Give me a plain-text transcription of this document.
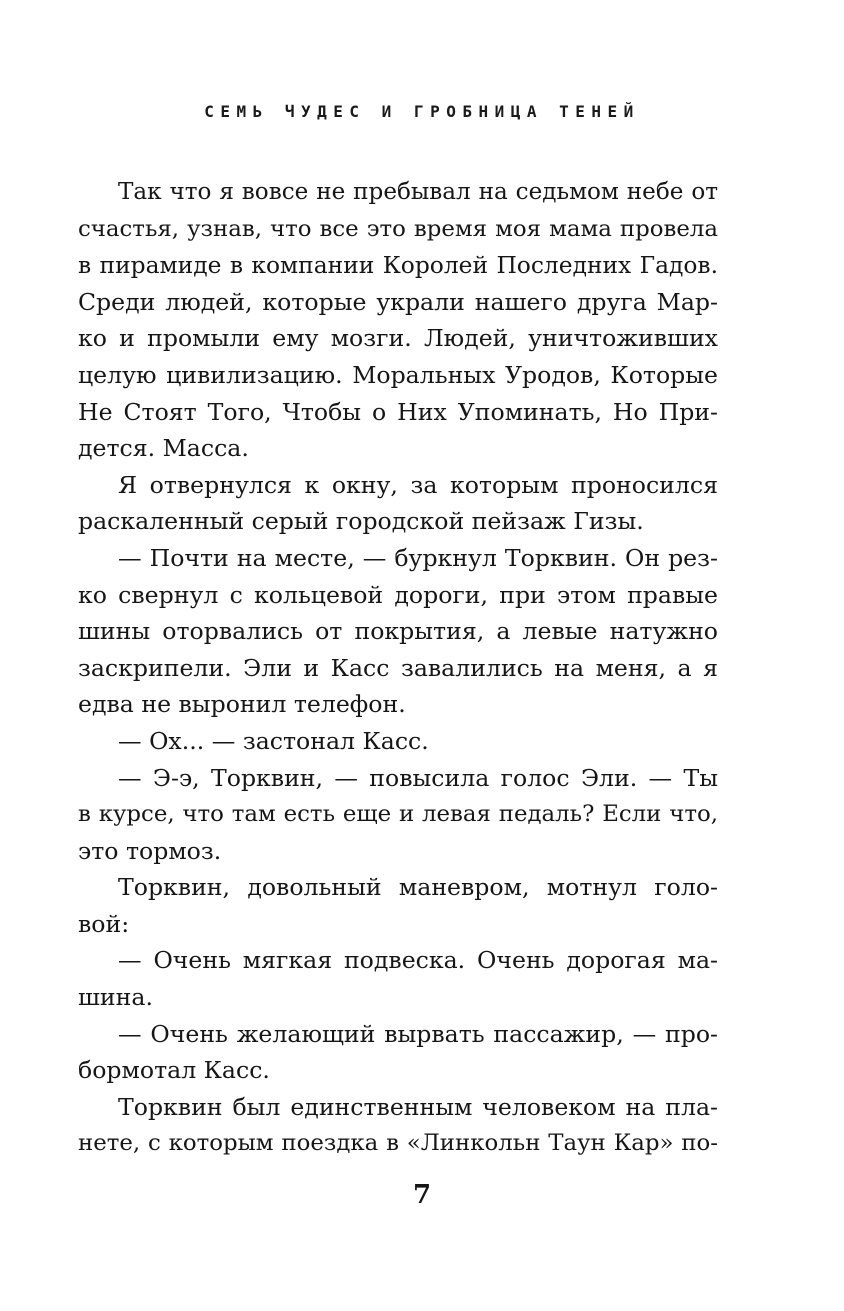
СЕМЬ ЧУДЕС И ГРОБНИЦА ТЕНЕЙ
Так что я вовсе не пребывал на седьмом небе от
счастья, узнав, что все это время моя мама провела
в пирамиде в компании Королей Последних Гадов.
Среди людей, которые украли нашего друга Мар-
ко и промыли ему мозги. Людей, уничтоживших
целую цивилизацию. Моральных Уродов, Которые
Не Стоят Того, Чтобы о Них Упоминать, Но При-
дется. Масса.
Я отвернулся к окну, за которым проносился
раскаленный серый городской пейзаж Гизы.
— Почти на месте, — буркнул Торквин. Он рез-
ко свернул с кольцевой дороги, при этом правые
шины оторвались от покрытия, а левые натужно
заскрипели. Эли и Касс завалились на меня, а я
едва не выронил телефон.
— Ох... — застонал Касс.
— Э-э, Торквин, — повысила голос Эли. — Ты
в курсе, что там есть еще и левая педаль? Если что,
это тормоз.
Торквин, довольный маневром, мотнул голо-
вой:
— Очень мягкая подвеска. Очень дорогая ма-
шина.
— Очень желающий вырвать пассажир, — про-
бормотал Касс.
Торквин был единственным человеком на пла-
нете, с которым поездка в «Линкольн Таун Кар» по-
7
